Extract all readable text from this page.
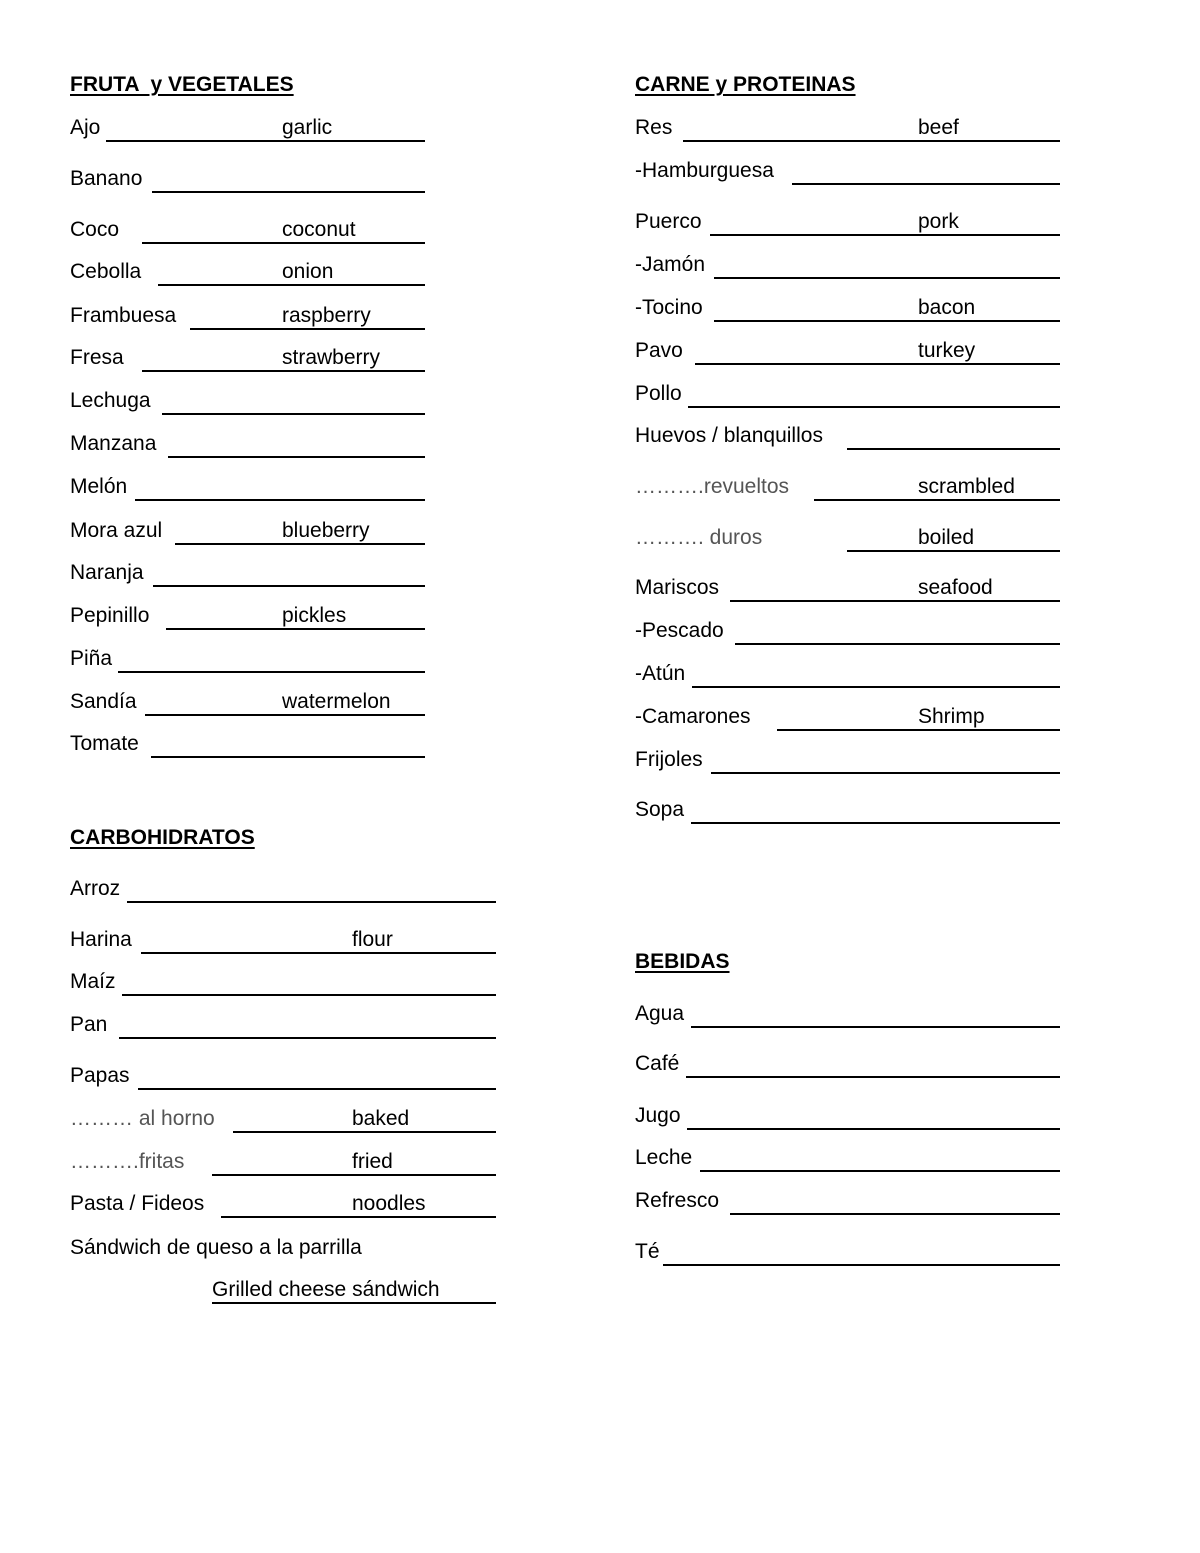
FRUTA  y VEGETALES
Ajo	garlic
Banano
Coco	coconut
Cebolla	onion
Frambuesa	raspberry
Fresa	strawberry
Lechuga
Manzana
Melón
Mora azul	blueberry
Naranja
Pepinillo	pickles
Piña
Sandía	watermelon
Tomate
CARBOHIDRATOS
Arroz
Harina	flour
Maíz
Pan
Papas
……… al horno	baked
……….fritas	fried
Pasta / Fideos	noodles
Sándwich de queso a la parrilla
Grilled cheese sándwich
CARNE y PROTEINAS
Res	beef
-Hamburguesa
Puerco	pork
-Jamón
-Tocino	bacon
Pavo	turkey
Pollo
Huevos / blanquillos
……….revueltos	scrambled
………. duros	boiled
Mariscos	seafood
-Pescado
-Atún
-Camarones	Shrimp
Frijoles
Sopa
BEBIDAS
Agua
Café
Jugo
Leche
Refresco
Té
